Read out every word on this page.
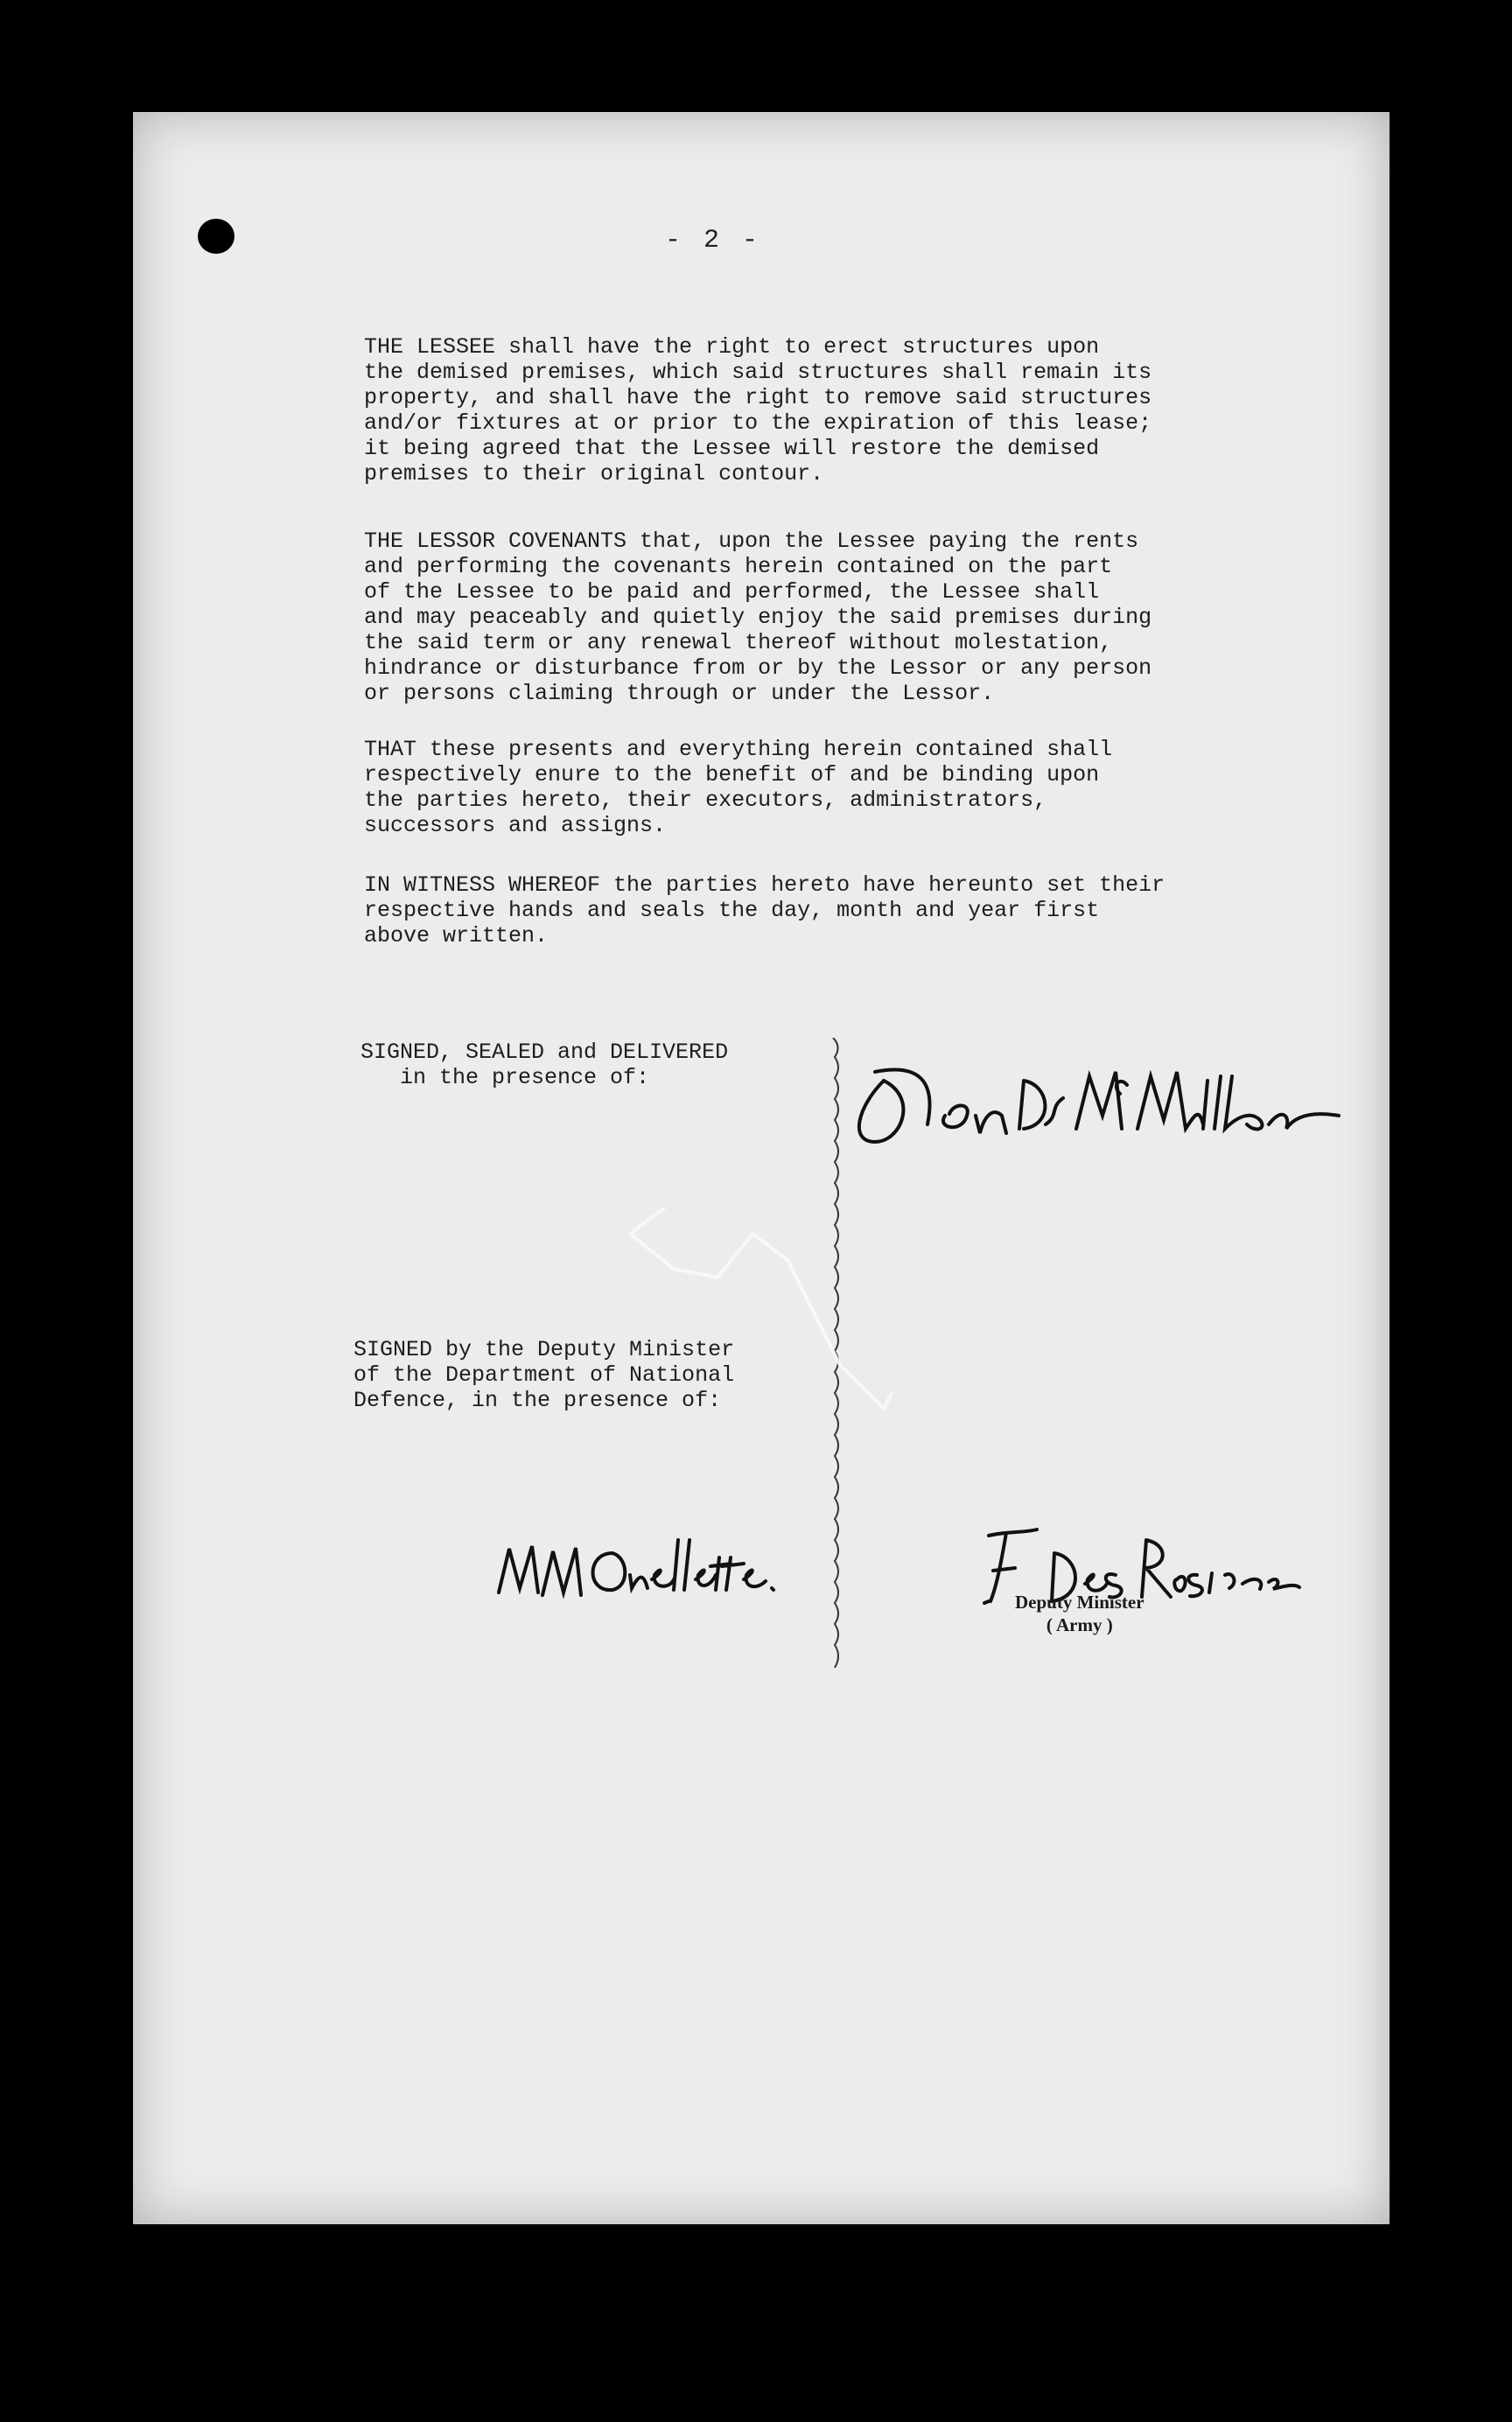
- 2 -

THE LESSEE shall have the right to erect structures upon
the demised premises, which said structures shall remain its
property, and shall have the right to remove said structures
and/or fixtures at or prior to the expiration of this lease;
it being agreed that the Lessee will restore the demised
premises to their original contour.

THE LESSOR COVENANTS that, upon the Lessee paying the rents
and performing the covenants herein contained on the part
of the Lessee to be paid and performed, the Lessee shall
and may peaceably and quietly enjoy the said premises during
the said term or any renewal thereof without molestation,
hindrance or disturbance from or by the Lessor or any person
or persons claiming through or under the Lessor.

THAT these presents and everything herein contained shall
respectively enure to the benefit of and be binding upon
the parties hereto, their executors, administrators,
successors and assigns.

IN WITNESS WHEREOF the parties hereto have hereunto set their
respective hands and seals the day, month and year first
above written.

SIGNED, SEALED and DELIVERED
in the presence of:

SIGNED by the Deputy Minister
of the Department of National
Defence, in the presence of:

Deputy Minister
( Army )
